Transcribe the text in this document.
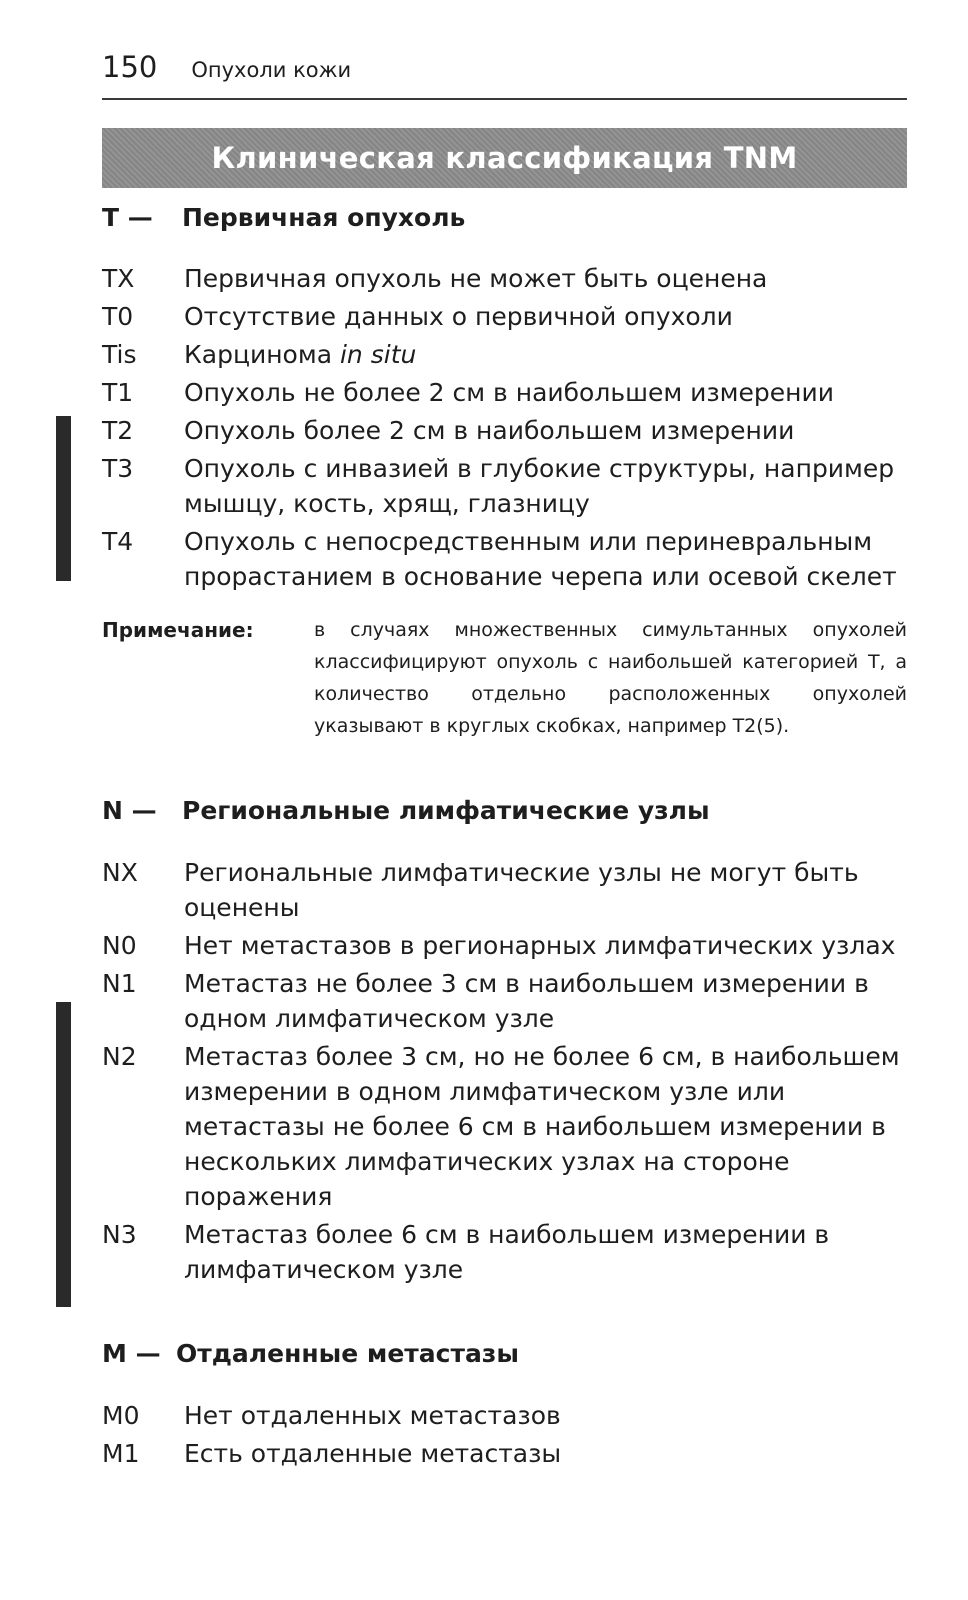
150 Опухоли кожи
Клиническая классификация TNM
T —	Первичная опухоль
TX	Первичная опухоль не может быть оценена
T0	Отсутствие данных о первичной опухоли
Tis	Карцинома in situ
T1	Опухоль не более 2 см в наибольшем измерении
T2	Опухоль более 2 см в наибольшем измерении
T3	Опухоль с инвазией в глубокие структуры, например мышцу, кость, хрящ, глазницу
T4	Опухоль с непосредственным или периневральным прорастанием в основание черепа или осевой скелет
Примечание:	в случаях множественных симультанных опухолей классифицируют опухоль с наибольшей категорией T, а количество отдельно расположенных опухолей указывают в круглых скобках, например T2(5).
N —	Региональные лимфатические узлы
NX	Региональные лимфатические узлы не могут быть оценены
N0	Нет метастазов в регионарных лимфатических узлах
N1	Метастаз не более 3 см в наибольшем измерении в одном лимфатическом узле
N2	Метастаз более 3 см, но не более 6 см, в наибольшем измерении в одном лимфатическом узле или метастазы не более 6 см в наибольшем измерении в нескольких лимфатических узлах на стороне поражения
N3	Метастаз более 6 см в наибольшем измерении в лимфатическом узле
M — Отдаленные метастазы
M0	Нет отдаленных метастазов
M1	Есть отдаленные метастазы
